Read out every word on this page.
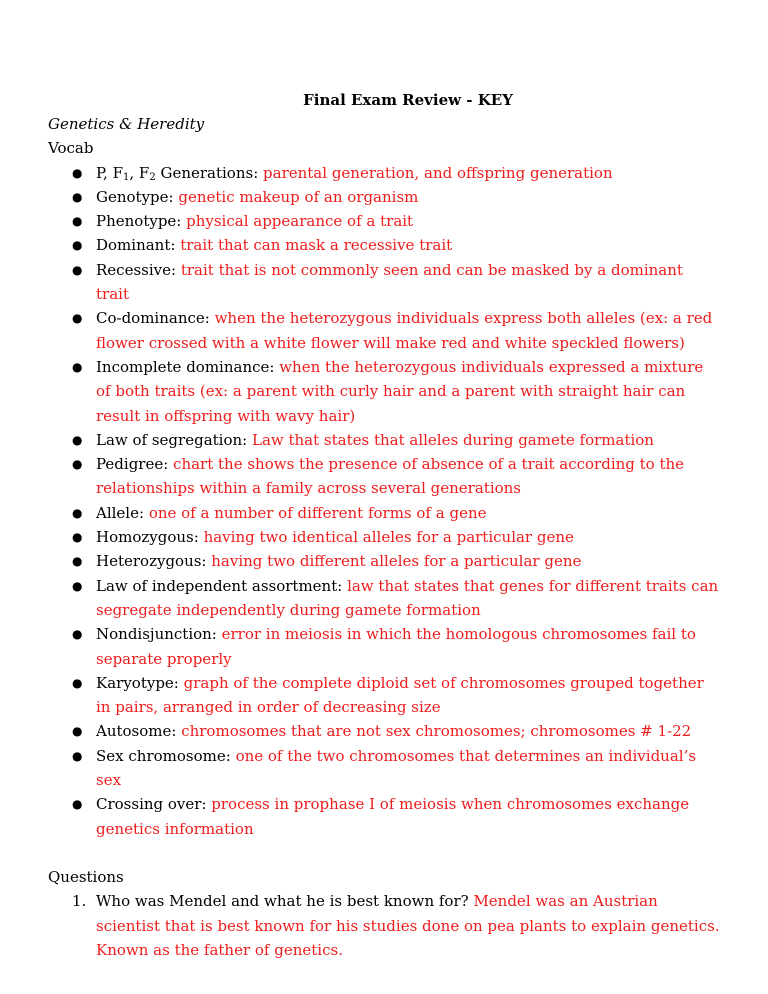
Final Exam Review - KEY

Genetics & Heredity

Vocab

● P, $F_1$, $F_2$ Generations: parental generation, and offspring generation
● Genotype: genetic makeup of an organism
● Phenotype: physical appearance of a trait
● Dominant: trait that can mask a recessive trait
● Recessive: trait that is not commonly seen and can be masked by a dominant trait
● Co-dominance: when the heterozygous individuals express both alleles (ex: a red flower crossed with a white flower will make red and white speckled flowers)
● Incomplete dominance: when the heterozygous individuals expressed a mixture of both traits (ex: a parent with curly hair and a parent with straight hair can result in offspring with wavy hair)
● Law of segregation: Law that states that alleles during gamete formation
● Pedigree: chart the shows the presence of absence of a trait according to the relationships within a family across several generations
● Allele: one of a number of different forms of a gene
● Homozygous: having two identical alleles for a particular gene
● Heterozygous: having two different alleles for a particular gene
● Law of independent assortment: law that states that genes for different traits can segregate independently during gamete formation
● Nondisjunction: error in meiosis in which the homologous chromosomes fail to separate properly
● Karyotype: graph of the complete diploid set of chromosomes grouped together in pairs, arranged in order of decreasing size
● Autosome: chromosomes that are not sex chromosomes; chromosomes # 1-22
● Sex chromosome: one of the two chromosomes that determines an individual’s sex
● Crossing over: process in prophase I of meiosis when chromosomes exchange genetics information

Questions

1. Who was Mendel and what he is best known for? Mendel was an Austrian scientist that is best known for his studies done on pea plants to explain genetics. Known as the father of genetics.
